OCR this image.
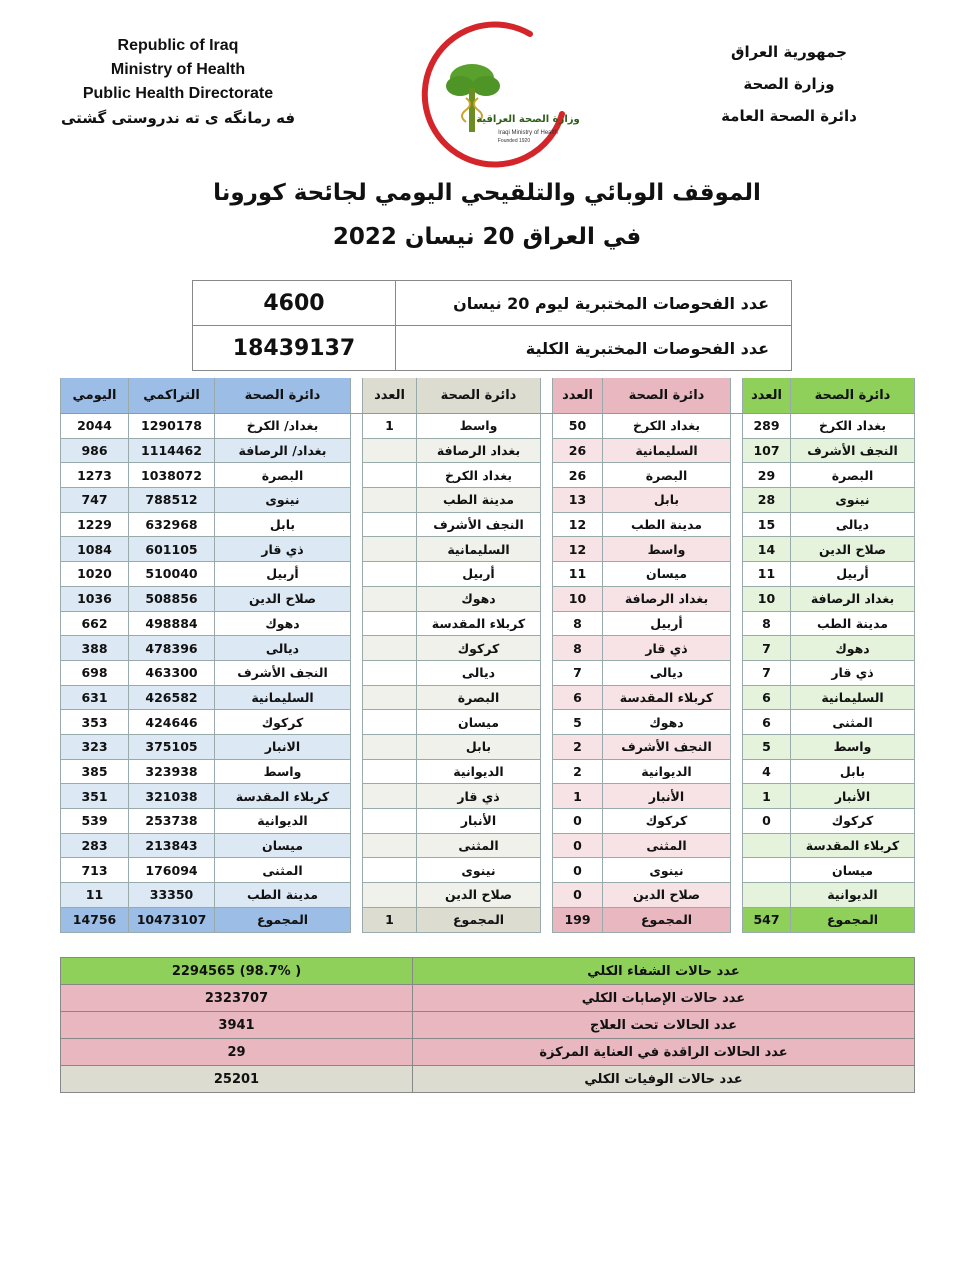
Republic of Iraq
Ministry of Health
Public Health Directorate
فه رمانگه ی ته ندروستی گشتی	وزارة الصحة العراقية
Iraqi Ministry of Health
Founded 1920
جمهورية العراق
وزارة الصحة
دائرة الصحة العامة
الموقف الوبائي والتلقيحي اليومي لجائحة كورونا
في العراق 20 نيسان 2022
4600	عدد الفحوصات المختبرية ليوم 20 نيسان
18439137	عدد الفحوصات المختبرية الكلية
اليومي	التراكمي	دائرة الصحة		العدد	دائرة الصحة		العدد	دائرة الصحة		العدد	دائرة الصحة
2044	1290178	بغداد/ الكرخ		1	واسط		50	بغداد الكرخ		289	بغداد الكرخ
986	1114462	بغداد/ الرصافة			بغداد الرصافة		26	السليمانية		107	النجف الأشرف
1273	1038072	البصرة			بغداد الكرخ		26	البصرة		29	البصرة
747	788512	نينوى			مدينة الطب		13	بابل		28	نينوى
1229	632968	بابل			النجف الأشرف		12	مدينة الطب		15	ديالى
1084	601105	ذي قار			السليمانية		12	واسط		14	صلاح الدين
1020	510040	أربيل			أربيل		11	ميسان		11	أربيل
1036	508856	صلاح الدين			دهوك		10	بغداد الرصافة		10	بغداد الرصافة
662	498884	دهوك			كربلاء المقدسة		8	أربيل		8	مدينة الطب
388	478396	ديالى			كركوك		8	ذي قار		7	دهوك
698	463300	النجف الأشرف			ديالى		7	ديالى		7	ذي قار
631	426582	السليمانية			البصرة		6	كربلاء المقدسة		6	السليمانية
353	424646	كركوك			ميسان		5	دهوك		6	المثنى
323	375105	الانبار			بابل		2	النجف الأشرف		5	واسط
385	323938	واسط			الديوانية		2	الديوانية		4	بابل
351	321038	كربلاء المقدسة			ذي قار		1	الأنبار		1	الأنبار
539	253738	الديوانية			الأنبار		0	كركوك		0	كركوك
283	213843	ميسان			المثنى		0	المثنى			كربلاء المقدسة
713	176094	المثنى			نينوى		0	نينوى			ميسان
11	33350	مدينة الطب			صلاح الدين		0	صلاح الدين			الديوانية
14756	10473107	المجموع		1	المجموع		199	المجموع		547	المجموع
2294565 (98.7% )	عدد حالات الشفاء الكلي
2323707	عدد حالات الإصابات الكلي
3941	عدد الحالات تحت العلاج
29	عدد الحالات الراقدة في العناية المركزة
25201	عدد حالات الوفيات الكلي
